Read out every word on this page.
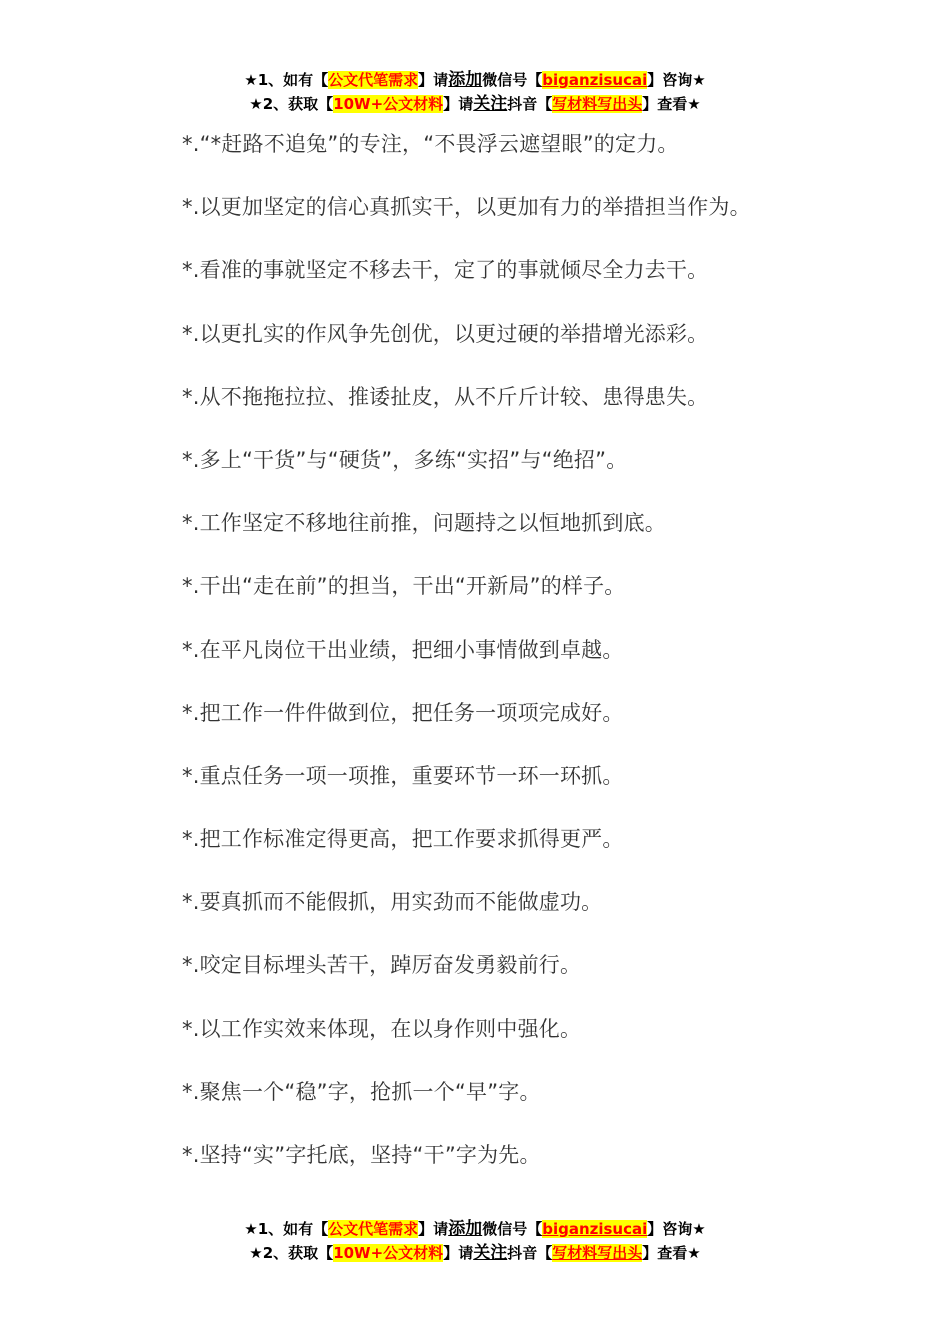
★1、如有【公文代笔需求】请添加微信号【biganzisucai】咨询★
★2、获取【10W+公文材料】请关注抖音【写材料写出头】查看★
*.“*赶路不追兔”的专注，“不畏浮云遮望眼”的定力。
*.以更加坚定的信心真抓实干，以更加有力的举措担当作为。
*.看准的事就坚定不移去干，定了的事就倾尽全力去干。
*.以更扎实的作风争先创优，以更过硬的举措增光添彩。
*.从不拖拖拉拉、推诿扯皮，从不斤斤计较、患得患失。
*.多上“干货”与“硬货”，多练“实招”与“绝招”。
*.工作坚定不移地往前推，问题持之以恒地抓到底。
*.干出“走在前”的担当，干出“开新局”的样子。
*.在平凡岗位干出业绩，把细小事情做到卓越。
*.把工作一件件做到位，把任务一项项完成好。
*.重点任务一项一项推，重要环节一环一环抓。
*.把工作标准定得更高，把工作要求抓得更严。
*.要真抓而不能假抓，用实劲而不能做虚功。
*.咬定目标埋头苦干，踔厉奋发勇毅前行。
*.以工作实效来体现，在以身作则中强化。
*.聚焦一个“稳”字，抢抓一个“早”字。
*.坚持“实”字托底，坚持“干”字为先。
★1、如有【公文代笔需求】请添加微信号【biganzisucai】咨询★
★2、获取【10W+公文材料】请关注抖音【写材料写出头】查看★
